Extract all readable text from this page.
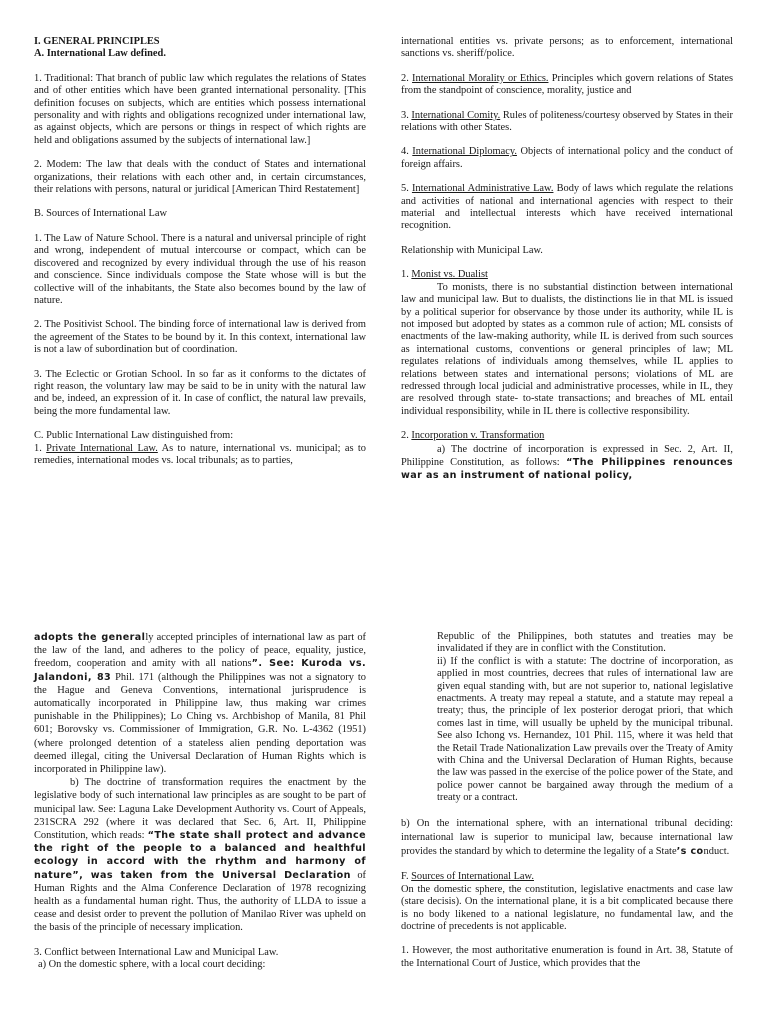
I. GENERAL PRINCIPLES

A. International Law defined.

1. Traditional: That branch of public law which regulates the relations of States and of other entities which have been granted international personality. [This definition focuses on subjects, which are entities which possess international personality and with rights and obligations recognized under international law, as against objects, which are persons or things in respect of which rights are held and obligations assumed by the subjects of international law.]

2. Modem: The law that deals with the conduct of States and international organizations, their relations with each other and, in certain circumstances, their relations with persons, natural or juridical [American Third Restatement]

B. Sources of International Law

1. The Law of Nature School. There is a natural and universal principle of right and wrong, independent of mutual intercourse or compact, which can be discovered and recognized by every individual through the use of his reason and conscience. Since individuals compose the State whose will is but the collective will of the inhabitants, the State also becomes bound by the law of nature.

2. The Positivist School. The binding force of international law is derived from the agreement of the States to be bound by it. In this context, international law is not a law of subordination but of coordination.

3. The Eclectic or Grotian School. In so far as it conforms to the dictates of right reason, the voluntary law may be said to be in unity with the natural law and be, indeed, an expression of it. In case of conflict, the natural law prevails, being the more fundamental law.

C. Public International Law distinguished from:

1. Private International Law. As to nature, international vs. municipal; as to remedies, international modes vs. local tribunals; as to parties,

international entities vs. private persons; as to enforcement, international sanctions vs. sheriff/police.

2. International Morality or Ethics. Principles which govern relations of States from the standpoint of conscience, morality, justice and

3. International Comity. Rules of politeness/courtesy observed by States in their relations with other States.

4. International Diplomacy. Objects of international policy and the conduct of foreign affairs.

5. International Administrative Law. Body of laws which regulate the relations and activities of national and international agencies with respect to their material and intellectual interests which have received international recognition.

Relationship with Municipal Law.

1. Monist vs. Dualist

To monists, there is no substantial distinction between international law and municipal law. But to dualists, the distinctions lie in that ML is issued by a political superior for observance by those under its authority, while IL is not imposed but adopted by states as a common rule of action; ML consists of enactments of the law-making authority, while IL is derived from such sources as international customs, conventions or general principles of law; ML regulates relations of individuals among themselves, while IL applies to relations between states and international persons; violations of ML are redressed through local judicial and administrative processes, while in IL, they are resolved through state- to-state transactions; and breaches of ML entail individual responsibility, while in IL there is collective responsibility.

2. Incorporation v. Transformation

a) The doctrine of incorporation is expressed in Sec. 2, Art. II, Philippine Constitution, as follows: “The Philippines renounces war as an instrument of national policy,

adopts the generally accepted principles of international law as part of the law of the land, and adheres to the policy of peace, equality, justice, freedom, cooperation and amity with all nations”. See: Kuroda vs. Jalandoni, 83 Phil. 171 (although the Philippines was not a signatory to the Hague and Geneva Conventions, international jurisprudence is automatically incorporated in Philippine law, thus making war crimes punishable in the Philippines); Lo Ching vs. Archbishop of Manila, 81 Phil 601; Borovsky vs. Commissioner of Immigration, G.R. No. L-4362 (1951) (where prolonged detention of a stateless alien pending deportation was deemed illegal, citing the Universal Declaration of Human Rights which is incorporated in Philippine law).

b) The doctrine of transformation requires the enactment by the legislative body of such international law principles as are sought to be part of municipal law. See: Laguna Lake Development Authority vs. Court of Appeals, 231SCRA 292 (where it was declared that Sec. 6, Art. II, Philippine Constitution, which reads: “The state shall protect and advance the right of the people to a balanced and healthful ecology in accord with the rhythm and harmony of nature”, was taken from the Universal Declaration of Human Rights and the Alma Conference Declaration of 1978 recognizing health as a fundamental human right. Thus, the authority of LLDA to issue a cease and desist order to prevent the pollution of Manilao River was upheld on the basis of the principle of necessary implication.

3. Conflict between International Law and Municipal Law.

a) On the domestic sphere, with a local court deciding:

Republic of the Philippines, both statutes and treaties may be invalidated if they are in conflict with the Constitution.

ii) If the conflict is with a statute: The doctrine of incorporation, as applied in most countries, decrees that rules of international law are given equal standing with, but are not superior to, national legislative enactments. A treaty may repeal a statute, and a statute may repeal a treaty; thus, the principle of lex posterior derogat priori, that which comes last in time, will usually be upheld by the municipal tribunal. See also Ichong vs. Hernandez, 101 Phil. 115, where it was held that the Retail Trade Nationalization Law prevails over the Treaty of Amity with China and the Universal Declaration of Human Rights, because the law was passed in the exercise of the police power of the State, and police power cannot be bargained away through the medium of a treaty or a contract.

b) On the international sphere, with an international tribunal deciding: international law is superior to municipal law, because international law provides the standard by which to determine the legality of a State’s conduct.

F. Sources of International Law.

On the domestic sphere, the constitution, legislative enactments and case law (stare decisis). On the international plane, it is a bit complicated because there is no body likened to a national legislature, no fundamental law, and the doctrine of precedents is not applicable.

1. However, the most authoritative enumeration is found in Art. 38, Statute of the International Court of Justice, which provides that the
